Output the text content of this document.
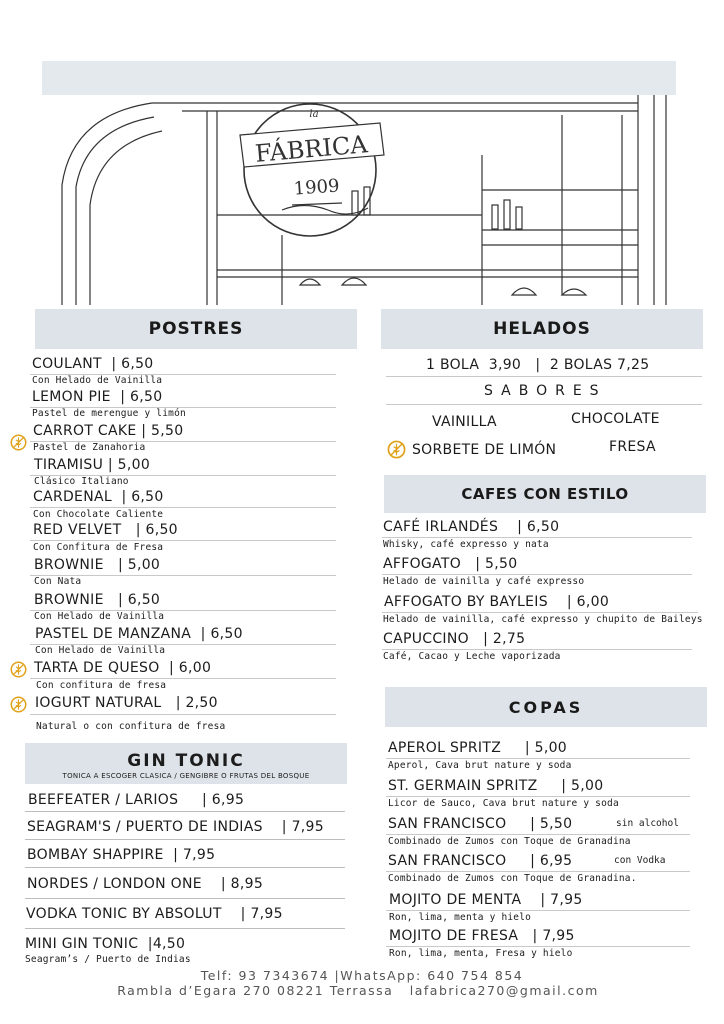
FÁBRICA
la
1909
POSTRES	HELADOS
CAFES CON ESTILO
COPAS
GIN TONIC
TONICA A ESCOGER CLASICA / GENGIBRE O FRUTAS DEL BOSQUE
COULANT  | 6,50
Con Helado de Vainilla
LEMON PIE  | 6,50
Pastel de merengue y limón
CARROT CAKE | 5,50
Pastel de Zanahoria
TIRAMISU | 5,00
Clásico Italiano
CARDENAL  | 6,50
Con Chocolate Caliente
RED VELVET   | 6,50
Con Confitura de Fresa
BROWNIE   | 5,00
Con Nata
BROWNIE   | 6,50
Con Helado de Vainilla
PASTEL DE MANZANA  | 6,50
Con Helado de Vainilla
TARTA DE QUESO  | 6,00
Con confitura de fresa
IOGURT NATURAL   | 2,50
Natural o con confitura de fresa
BEEFEATER / LARIOS     | 6,95
SEAGRAM'S / PUERTO DE INDIAS    | 7,95
BOMBAY SHAPPIRE  | 7,95
NORDES / LONDON ONE    | 8,95
VODKA TONIC BY ABSOLUT    | 7,95
MINI GIN TONIC  |4,50
Seagram’s / Puerto de Indias
1 BOLA  3,90   |  2 BOLAS 7,25
SABORES
VAINILLA	CHOCOLATE
SORBETE DE LIMÓN	FRESA
CAFÉ IRLANDÉS    | 6,50
Whisky, café expresso y nata
AFFOGATO   | 5,50
Helado de vainilla y café expresso
AFFOGATO BY BAYLEIS    | 6,00
Helado de vainilla, café expresso y chupito de Baileys
CAPUCCINO   | 2,75
Café, Cacao y Leche vaporizada
APEROL SPRITZ     | 5,00
Aperol, Cava brut nature y soda
ST. GERMAIN SPRITZ     | 5,00
Licor de Sauco, Cava brut nature y soda
SAN FRANCISCO     | 5,50	sin alcohol
Combinado de Zumos con Toque de Granadina
SAN FRANCISCO     | 6,95	con Vodka
Combinado de Zumos con Toque de Granadina.
MOJITO DE MENTA    | 7,95
Ron, lima, menta y hielo
MOJITO DE FRESA   | 7,95
Ron, lima, menta, Fresa y hielo
Telf: 93 7343674 |WhatsApp: 640 754 854
Rambla d’Egara 270 08221 Terrassa   lafabrica270@gmail.com
